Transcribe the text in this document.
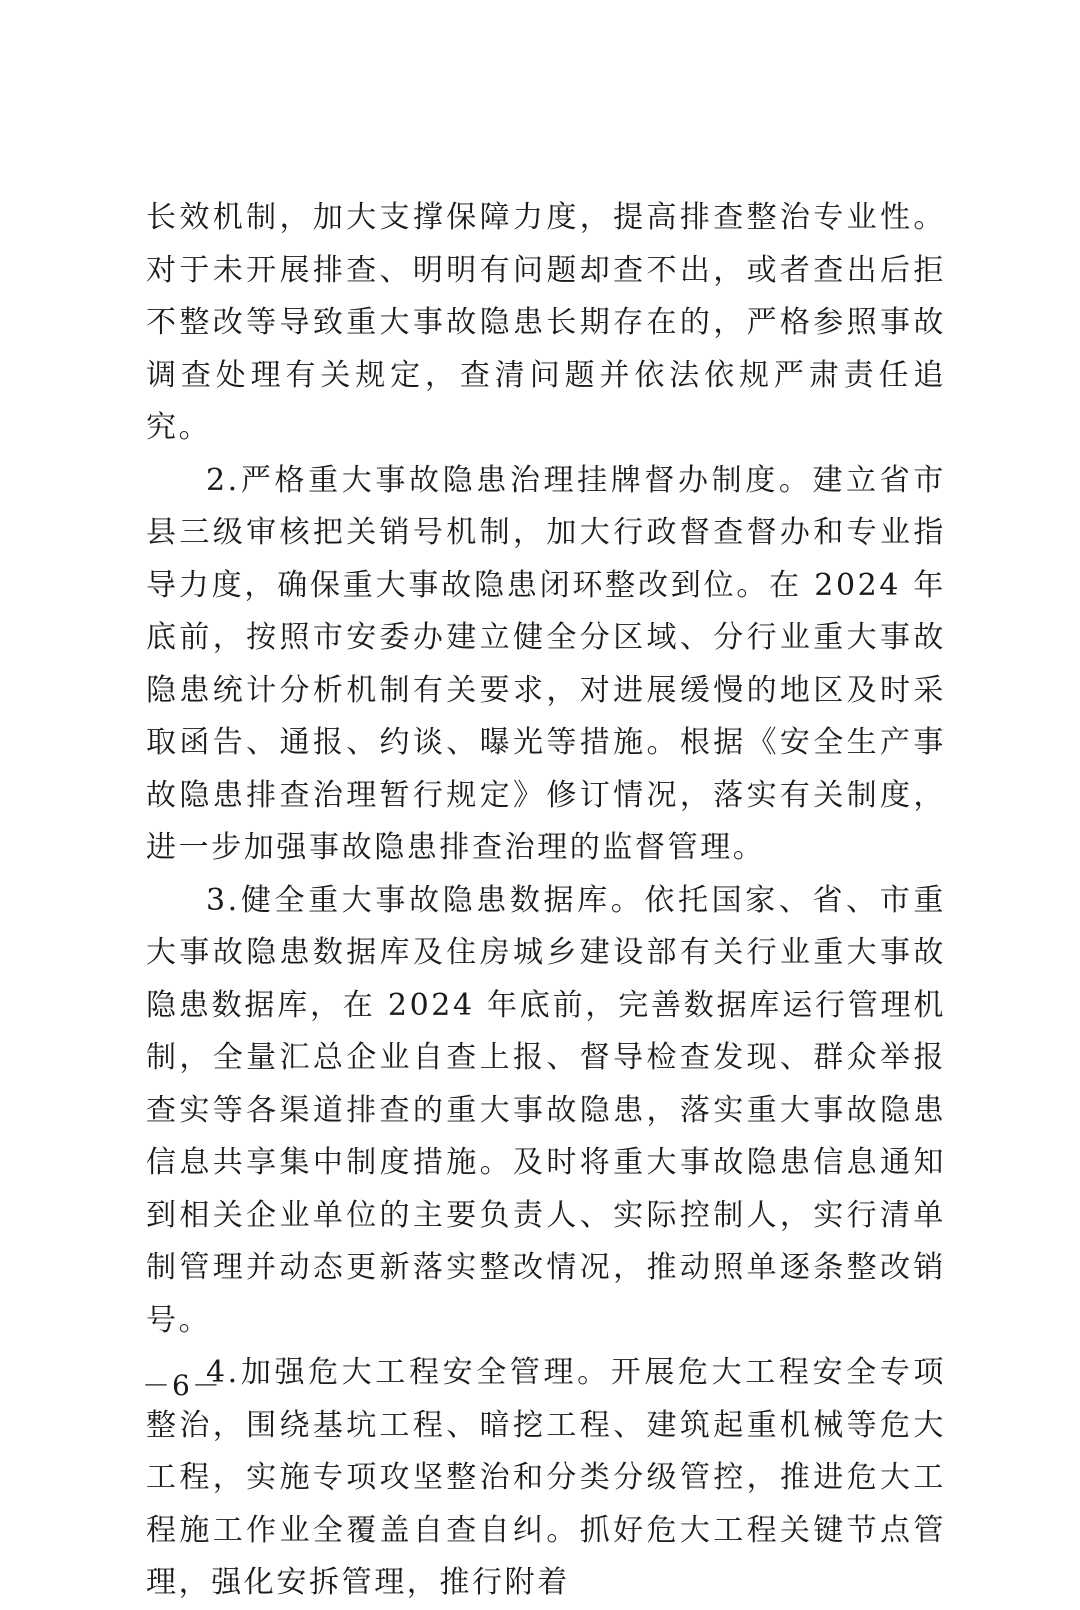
长效机制，加大支撑保障力度，提高排查整治专业性。对于未开展排查、明明有问题却查不出，或者查出后拒不整改等导致重大事故隐患长期存在的，严格参照事故调查处理有关规定，查清问题并依法依规严肃责任追究。

2.严格重大事故隐患治理挂牌督办制度。建立省市县三级审核把关销号机制，加大行政督查督办和专业指导力度，确保重大事故隐患闭环整改到位。在 2024 年底前，按照市安委办建立健全分区域、分行业重大事故隐患统计分析机制有关要求，对进展缓慢的地区及时采取函告、通报、约谈、曝光等措施。根据《安全生产事故隐患排查治理暂行规定》修订情况，落实有关制度，进一步加强事故隐患排查治理的监督管理。

3.健全重大事故隐患数据库。依托国家、省、市重大事故隐患数据库及住房城乡建设部有关行业重大事故隐患数据库，在 2024 年底前，完善数据库运行管理机制，全量汇总企业自查上报、督导检查发现、群众举报查实等各渠道排查的重大事故隐患，落实重大事故隐患信息共享集中制度措施。及时将重大事故隐患信息通知到相关企业单位的主要负责人、实际控制人，实行清单制管理并动态更新落实整改情况，推动照单逐条整改销号。

4.加强危大工程安全管理。开展危大工程安全专项整治，围绕基坑工程、暗挖工程、建筑起重机械等危大工程，实施专项攻坚整治和分类分级管控，推进危大工程施工作业全覆盖自查自纠。抓好危大工程关键节点管理，强化安拆管理，推行附着

－6－
